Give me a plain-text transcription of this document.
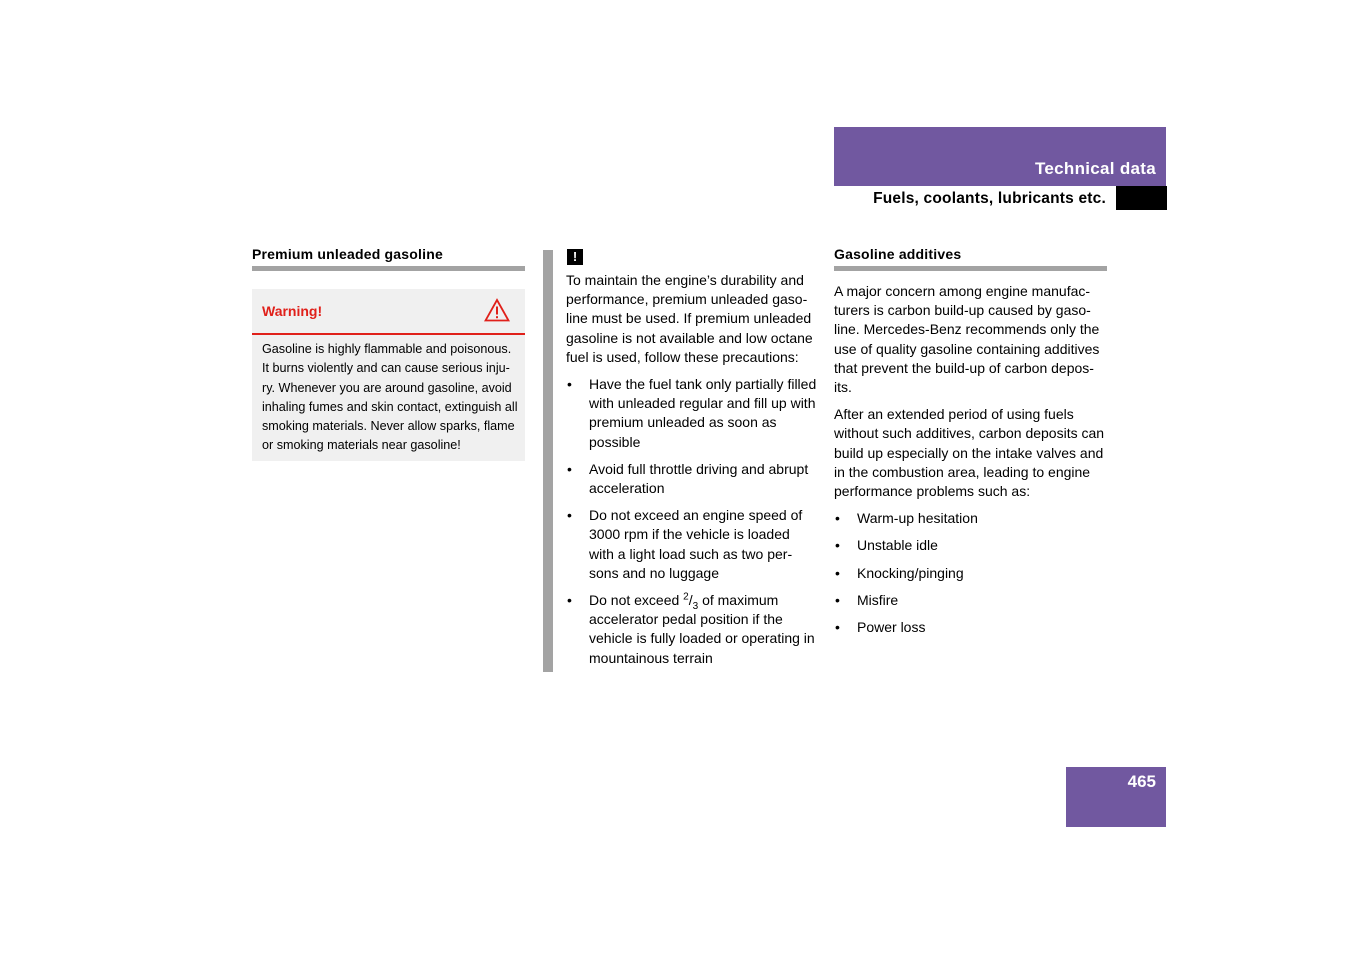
Technical data
Fuels, coolants, lubricants etc.
Premium unleaded gasoline
Warning!
Gasoline is highly flammable and poisonous. It burns violently and can cause serious inju-ry. Whenever you are around gasoline, avoid inhaling fumes and skin contact, extinguish all smoking materials. Never allow sparks, flame or smoking materials near gasoline!
!

To maintain the engine’s durability and performance, premium unleaded gaso-line must be used. If premium unleaded gasoline is not available and low octane fuel is used, follow these precautions:

• Have the fuel tank only partially filled with unleaded regular and fill up with premium unleaded as soon as possible
• Avoid full throttle driving and abrupt acceleration
• Do not exceed an engine speed of 3000 rpm if the vehicle is loaded with a light load such as two per-sons and no luggage
• Do not exceed $^2/_3$ of maximum accelerator pedal position if the vehicle is fully loaded or operating in mountainous terrain
Gasoline additives

A major concern among engine manufac-turers is carbon build-up caused by gaso-line. Mercedes-Benz recommends only the use of quality gasoline containing additives that prevent the build-up of carbon depos-its.

After an extended period of using fuels without such additives, carbon deposits can build up especially on the intake valves and in the combustion area, leading to engine performance problems such as:

• Warm-up hesitation
• Unstable idle
• Knocking/pinging
• Misfire
• Power loss
465
